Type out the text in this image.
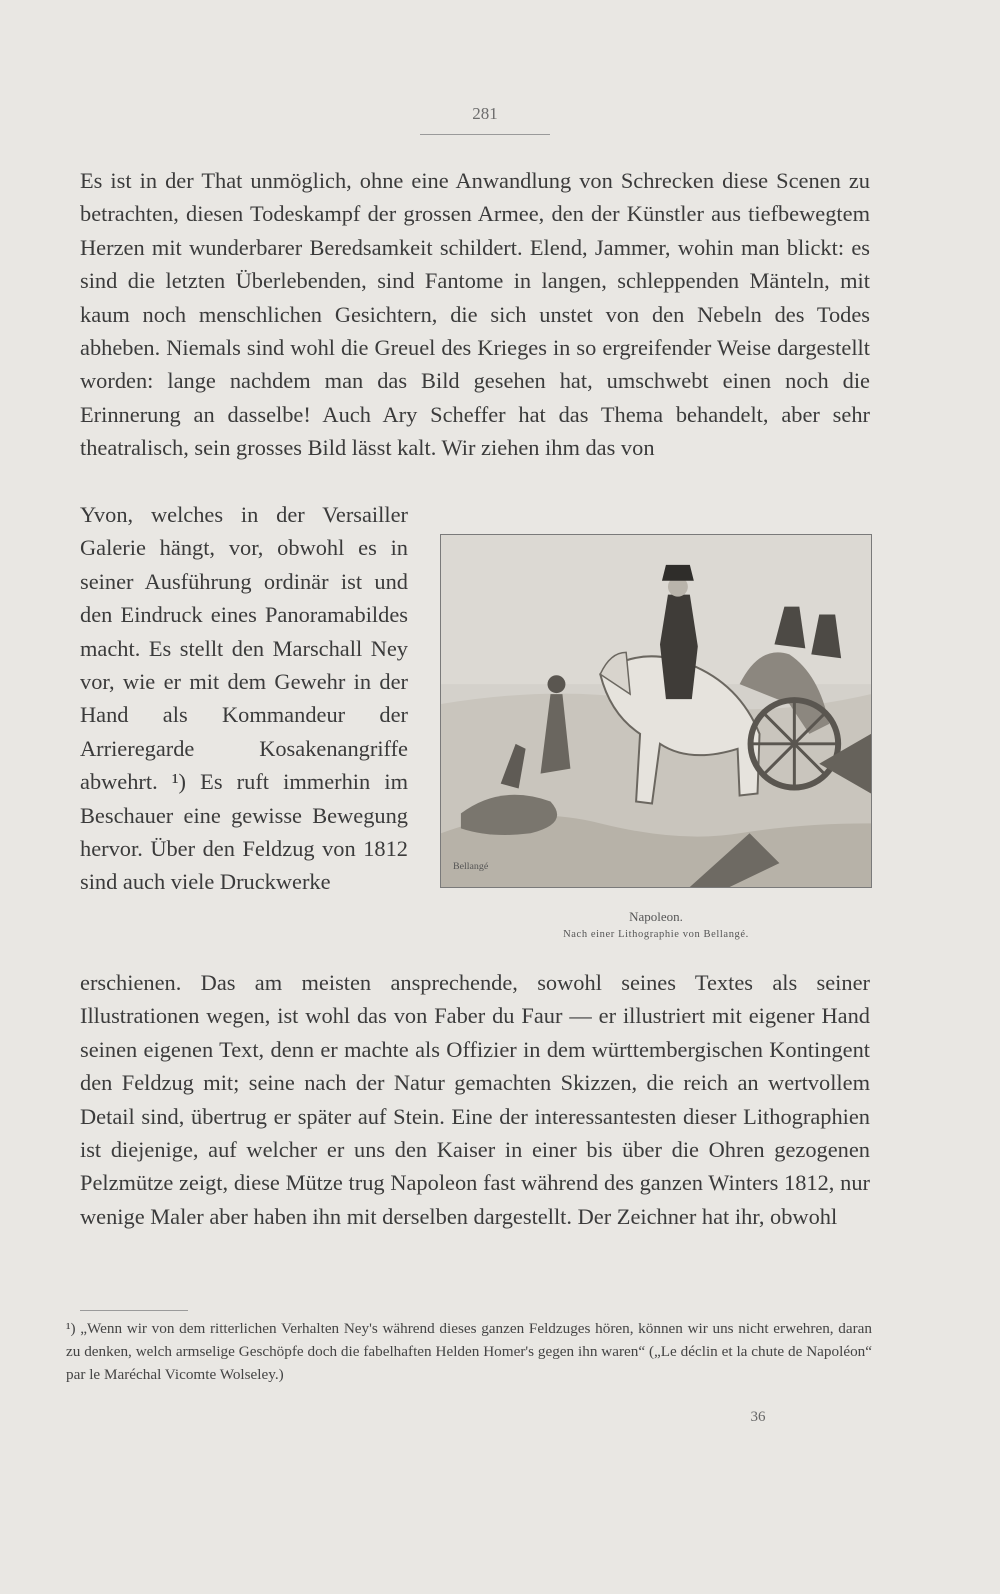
281

Es ist in der That unmöglich, ohne eine Anwandlung von Schrecken diese Scenen zu betrachten, diesen Todeskampf der grossen Armee, den der Künstler aus tiefbewegtem Herzen mit wunderbarer Beredsamkeit schildert. Elend, Jammer, wohin man blickt: es sind die letzten Überlebenden, sind Fantome in langen, schleppenden Mänteln, mit kaum noch menschlichen Gesichtern, die sich unstet von den Nebeln des Todes abheben. Niemals sind wohl die Greuel des Krieges in so ergreifender Weise dargestellt worden: lange nachdem man das Bild gesehen hat, umschwebt einen noch die Erinnerung an dasselbe! Auch Ary Scheffer hat das Thema behandelt, aber sehr theatralisch, sein grosses Bild lässt kalt. Wir ziehen ihm das von

Yvon, welches in der Versailler Galerie hängt, vor, obwohl es in seiner Ausführung ordinär ist und den Eindruck eines Panoramabildes macht. Es stellt den Marschall Ney vor, wie er mit dem Gewehr in der Hand als Kommandeur der Arrieregarde Kosakenangriffe abwehrt. ¹) Es ruft immerhin im Beschauer eine gewisse Bewegung hervor. Über den Feldzug von 1812 sind auch viele Druckwerke

Bellangé
Napoleon.
Nach einer Lithographie von Bellangé.

erschienen. Das am meisten ansprechende, sowohl seines Textes als seiner Illustrationen wegen, ist wohl das von Faber du Faur — er illustriert mit eigener Hand seinen eigenen Text, denn er machte als Offizier in dem württembergischen Kontingent den Feldzug mit; seine nach der Natur gemachten Skizzen, die reich an wertvollem Detail sind, übertrug er später auf Stein. Eine der interessantesten dieser Lithographien ist diejenige, auf welcher er uns den Kaiser in einer bis über die Ohren gezogenen Pelzmütze zeigt, diese Mütze trug Napoleon fast während des ganzen Winters 1812, nur wenige Maler aber haben ihn mit derselben dargestellt. Der Zeichner hat ihr, obwohl

¹) „Wenn wir von dem ritterlichen Verhalten Ney's während dieses ganzen Feldzuges hören, können wir uns nicht erwehren, daran zu denken, welch armselige Geschöpfe doch die fabelhaften Helden Homer's gegen ihn waren“ („Le déclin et la chute de Napoléon“ par le Maréchal Vicomte Wolseley.)

36
